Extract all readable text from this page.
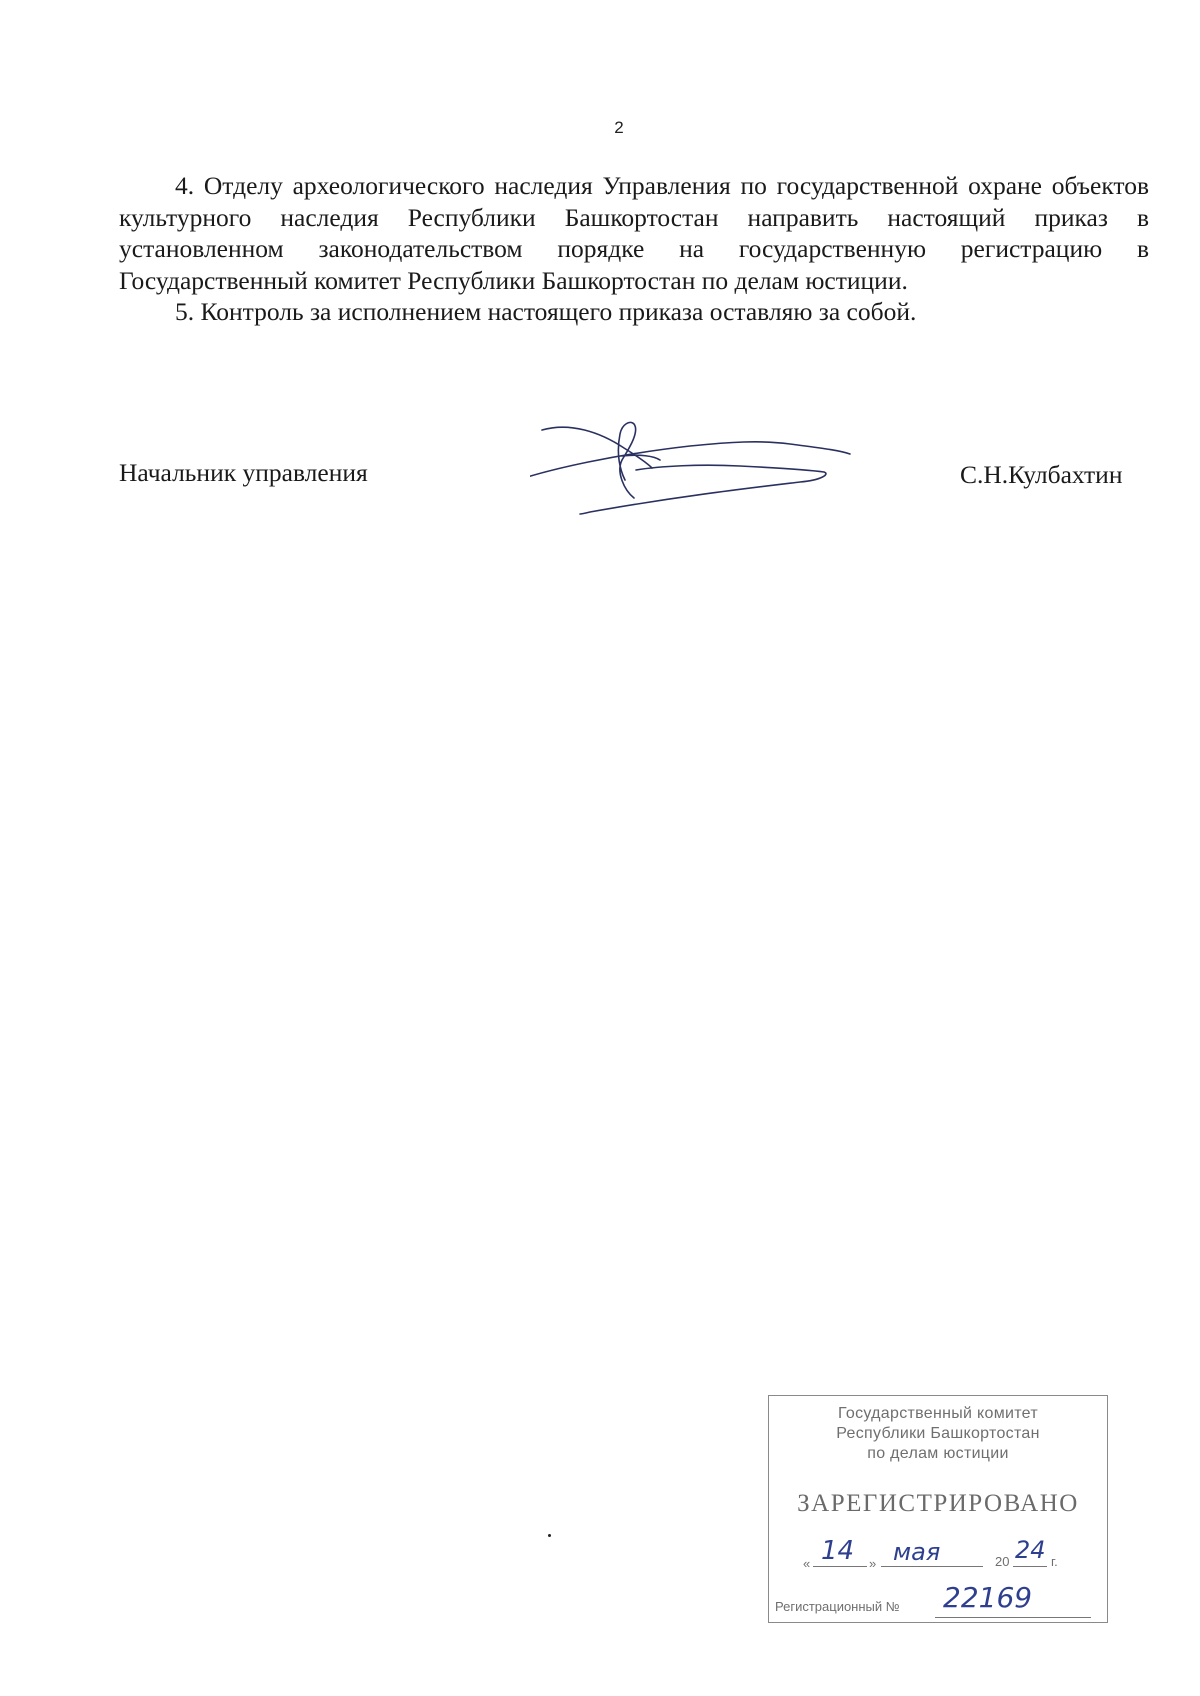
2

4. Отделу археологического наследия Управления по государственной охране объектов культурного наследия Республики Башкортостан направить настоящий приказ в установленном законодательством порядке на государственную регистрацию в Государственный комитет Республики Башкортостан по делам юстиции.

5. Контроль за исполнением настоящего приказа оставляю за собой.

Начальник управления	С.Н.Кулбахтин
Государственный комитет
Республики Башкортостан
по делам юстиции
ЗАРЕГИСТРИРОВАНО
« 14 » мая	20 24 г.
Регистрационный № 22169
